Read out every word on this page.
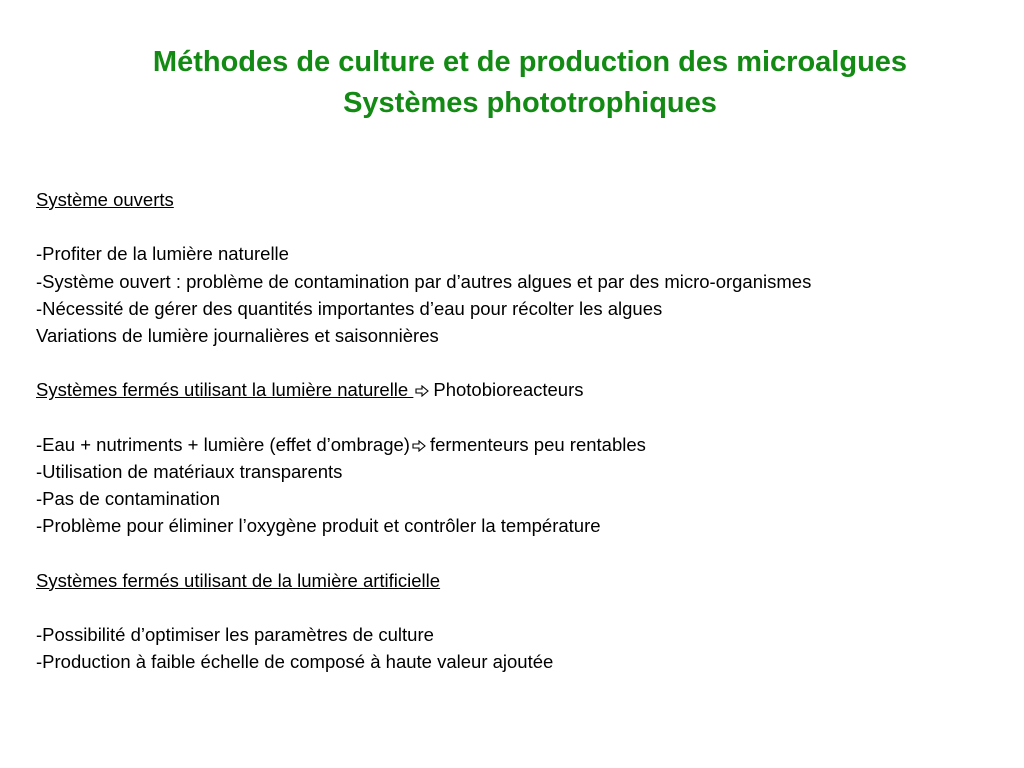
Méthodes de culture et de production des microalgues
Systèmes phototrophiques
Système ouverts
-Profiter de la lumière naturelle
-Système ouvert : problème de contamination par d’autres algues et par des micro-organismes
-Nécessité de gérer des quantités importantes d’eau pour récolter les algues
Variations de lumière journalières et saisonnières
Systèmes fermés utilisant la lumière naturelle
Photobioreacteurs
-Eau + nutriments + lumière (effet d’ombrage) fermenteurs peu rentables
-Utilisation de matériaux transparents
-Pas de contamination
-Problème pour éliminer l’oxygène produit et contrôler la température
Systèmes fermés utilisant de la lumière artificielle
-Possibilité d’optimiser les paramètres de culture
-Production à faible échelle de composé à haute valeur ajoutée
